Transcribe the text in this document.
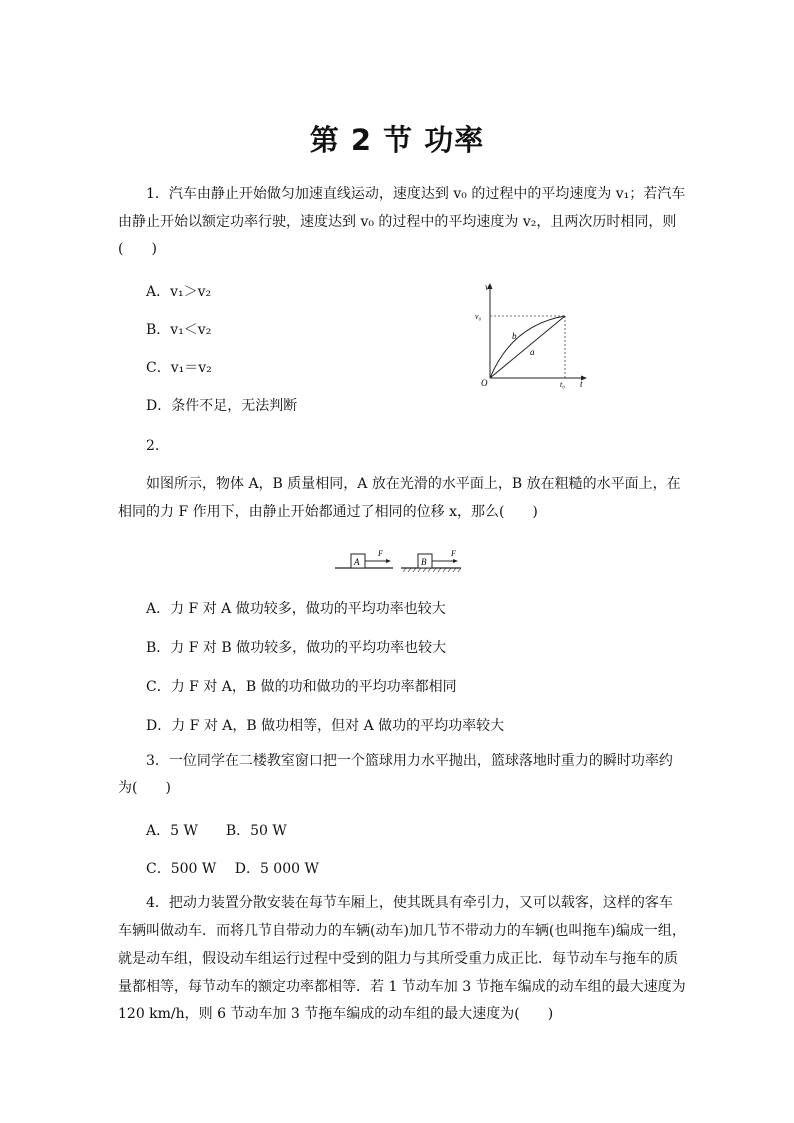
第 2 节 功率
1．汽车由静止开始做匀加速直线运动，速度达到 v₀ 的过程中的平均速度为 v₁；若汽车
由静止开始以额定功率行驶，速度达到 v₀ 的过程中的平均速度为 v₂，且两次历时相同，则
(　　)
A．v₁＞v₂
B．v₁＜v₂
C．v₁＝v₂
D．条件不足，无法判断
v
t
O
v₀
t₀
b
a
2.
如图所示，物体 A，B 质量相同，A 放在光滑的水平面上，B 放在粗糙的水平面上，在
相同的力 F 作用下，由静止开始都通过了相同的位移 x，那么(　　)
A
F
B
F
A．力 F 对 A 做功较多，做功的平均功率也较大
B．力 F 对 B 做功较多，做功的平均功率也较大
C．力 F 对 A，B 做的功和做功的平均功率都相同
D．力 F 对 A，B 做功相等，但对 A 做功的平均功率较大
3．一位同学在二楼教室窗口把一个篮球用力水平抛出，篮球落地时重力的瞬时功率约
为(　　)
A．5 W　　B．50 W
C．500 W　 D．5 000 W
4．把动力装置分散安装在每节车厢上，使其既具有牵引力，又可以载客，这样的客车
车辆叫做动车．而将几节自带动力的车辆(动车)加几节不带动力的车辆(也叫拖车)编成一组，
就是动车组，假设动车组运行过程中受到的阻力与其所受重力成正比．每节动车与拖车的质
量都相等，每节动车的额定功率都相等．若 1 节动车加 3 节拖车编成的动车组的最大速度为
120 km/h，则 6 节动车加 3 节拖车编成的动车组的最大速度为(　　)
